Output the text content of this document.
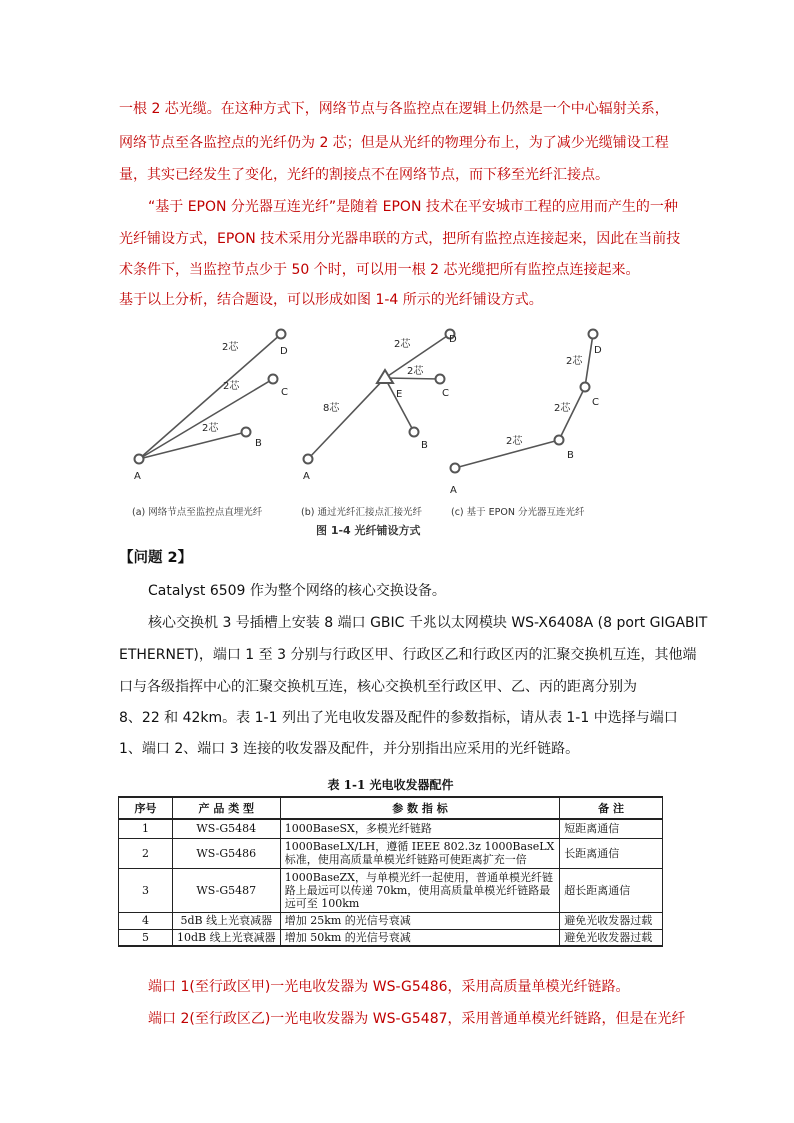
一根 2 芯光缆。在这种方式下，网络节点与各监控点在逻辑上仍然是一个中心辐射关系，
网络节点至各监控点的光纤仍为 2 芯；但是从光纤的物理分布上，为了减少光缆铺设工程
量，其实已经发生了变化，光纤的割接点不在网络节点，而下移至光纤汇接点。
“基于 EPON 分光器互连光纤”是随着 EPON 技术在平安城市工程的应用而产生的一种
光纤铺设方式，EPON 技术采用分光器串联的方式，把所有监控点连接起来，因此在当前技
术条件下，当监控节点少于 50 个时，可以用一根 2 芯光缆把所有监控点连接起来。
基于以上分析，结合题设，可以形成如图 1-4 所示的光纤铺设方式。
2芯
2芯
2芯
D
C
B
A
2芯
2芯
8芯
D
C
B
E
A
2芯
2芯
2芯
D
C
B
A
(a) 网络节点至监控点直埋光纤	(b) 通过光纤汇接点汇接光纤	(c) 基于 EPON 分光器互连光纤
图 1-4 光纤铺设方式
【问题 2】
Catalyst 6509 作为整个网络的核心交换设备。
核心交换机 3 号插槽上安装 8 端口 GBIC 千兆以太网模块 WS-X6408A (8 port GIGABIT
ETHERNET)，端口 1 至 3 分别与行政区甲、行政区乙和行政区丙的汇聚交换机互连，其他端
口与各级指挥中心的汇聚交换机互连，核心交换机至行政区甲、乙、丙的距离分别为
8、22 和 42km。表 1-1 列出了光电收发器及配件的参数指标，请从表 1-1 中选择与端口
1、端口 2、端口 3 连接的收发器及配件，并分别指出应采用的光纤链路。
表 1-1 光电收发器配件
序号	产 品 类 型	参 数 指 标	备 注
1	WS-G5484	1000BaseSX，多模光纤链路	短距离通信
2	WS-G5486	1000BaseLX/LH，遵循 IEEE 802.3z 1000BaseLX 标准，使用高质量单模光纤链路可使距离扩充一倍	长距离通信
3	WS-G5487	1000BaseZX，与单模光纤一起使用，普通单模光纤链路上最远可以传递 70km，使用高质量单模光纤链路最远可至 100km	超长距离通信
4	5dB 线上光衰减器	增加 25km 的光信号衰减	避免光收发器过载
5	10dB 线上光衰减器	增加 50km 的光信号衰减	避免光收发器过载
端口 1(至行政区甲)一光电收发器为 WS-G5486，采用高质量单模光纤链路。
端口 2(至行政区乙)一光电收发器为 WS-G5487，采用普通单模光纤链路，但是在光纤
